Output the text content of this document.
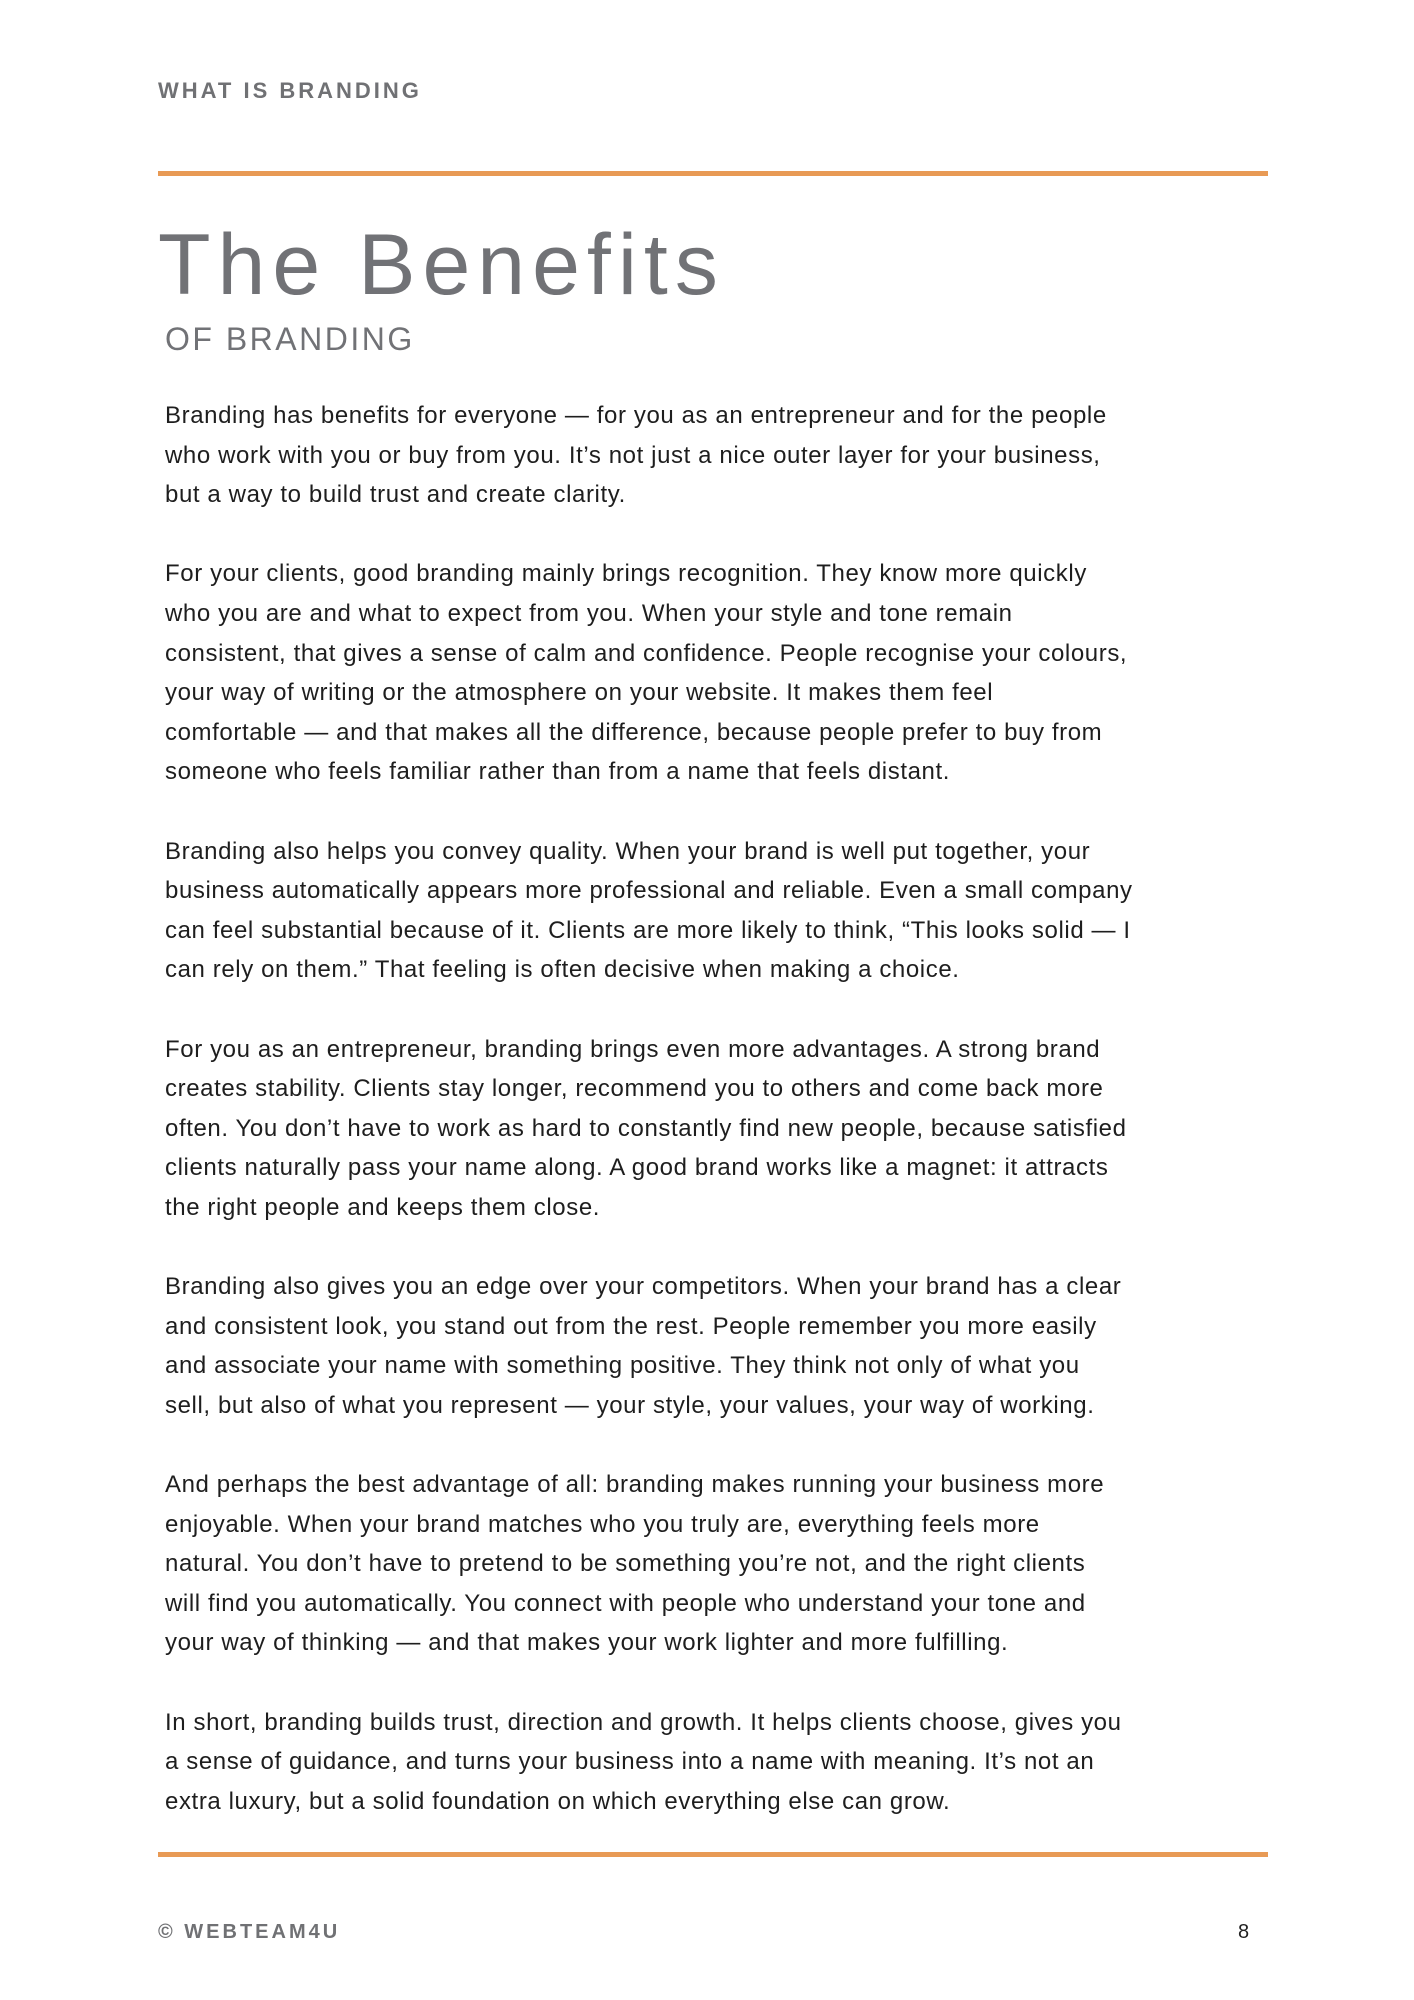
WHAT IS BRANDING
The Benefits
OF BRANDING

Branding has benefits for everyone — for you as an entrepreneur and for the people
who work with you or buy from you. It’s not just a nice outer layer for your business,
but a way to build trust and create clarity.

For your clients, good branding mainly brings recognition. They know more quickly
who you are and what to expect from you. When your style and tone remain
consistent, that gives a sense of calm and confidence. People recognise your colours,
your way of writing or the atmosphere on your website. It makes them feel
comfortable — and that makes all the difference, because people prefer to buy from
someone who feels familiar rather than from a name that feels distant.

Branding also helps you convey quality. When your brand is well put together, your
business automatically appears more professional and reliable. Even a small company
can feel substantial because of it. Clients are more likely to think, “This looks solid — I
can rely on them.” That feeling is often decisive when making a choice.

For you as an entrepreneur, branding brings even more advantages. A strong brand
creates stability. Clients stay longer, recommend you to others and come back more
often. You don’t have to work as hard to constantly find new people, because satisfied
clients naturally pass your name along. A good brand works like a magnet: it attracts
the right people and keeps them close.

Branding also gives you an edge over your competitors. When your brand has a clear
and consistent look, you stand out from the rest. People remember you more easily
and associate your name with something positive. They think not only of what you
sell, but also of what you represent — your style, your values, your way of working.

And perhaps the best advantage of all: branding makes running your business more
enjoyable. When your brand matches who you truly are, everything feels more
natural. You don’t have to pretend to be something you’re not, and the right clients
will find you automatically. You connect with people who understand your tone and
your way of thinking — and that makes your work lighter and more fulfilling.

In short, branding builds trust, direction and growth. It helps clients choose, gives you
a sense of guidance, and turns your business into a name with meaning. It’s not an
extra luxury, but a solid foundation on which everything else can grow.

© WEBTEAM4U	8
